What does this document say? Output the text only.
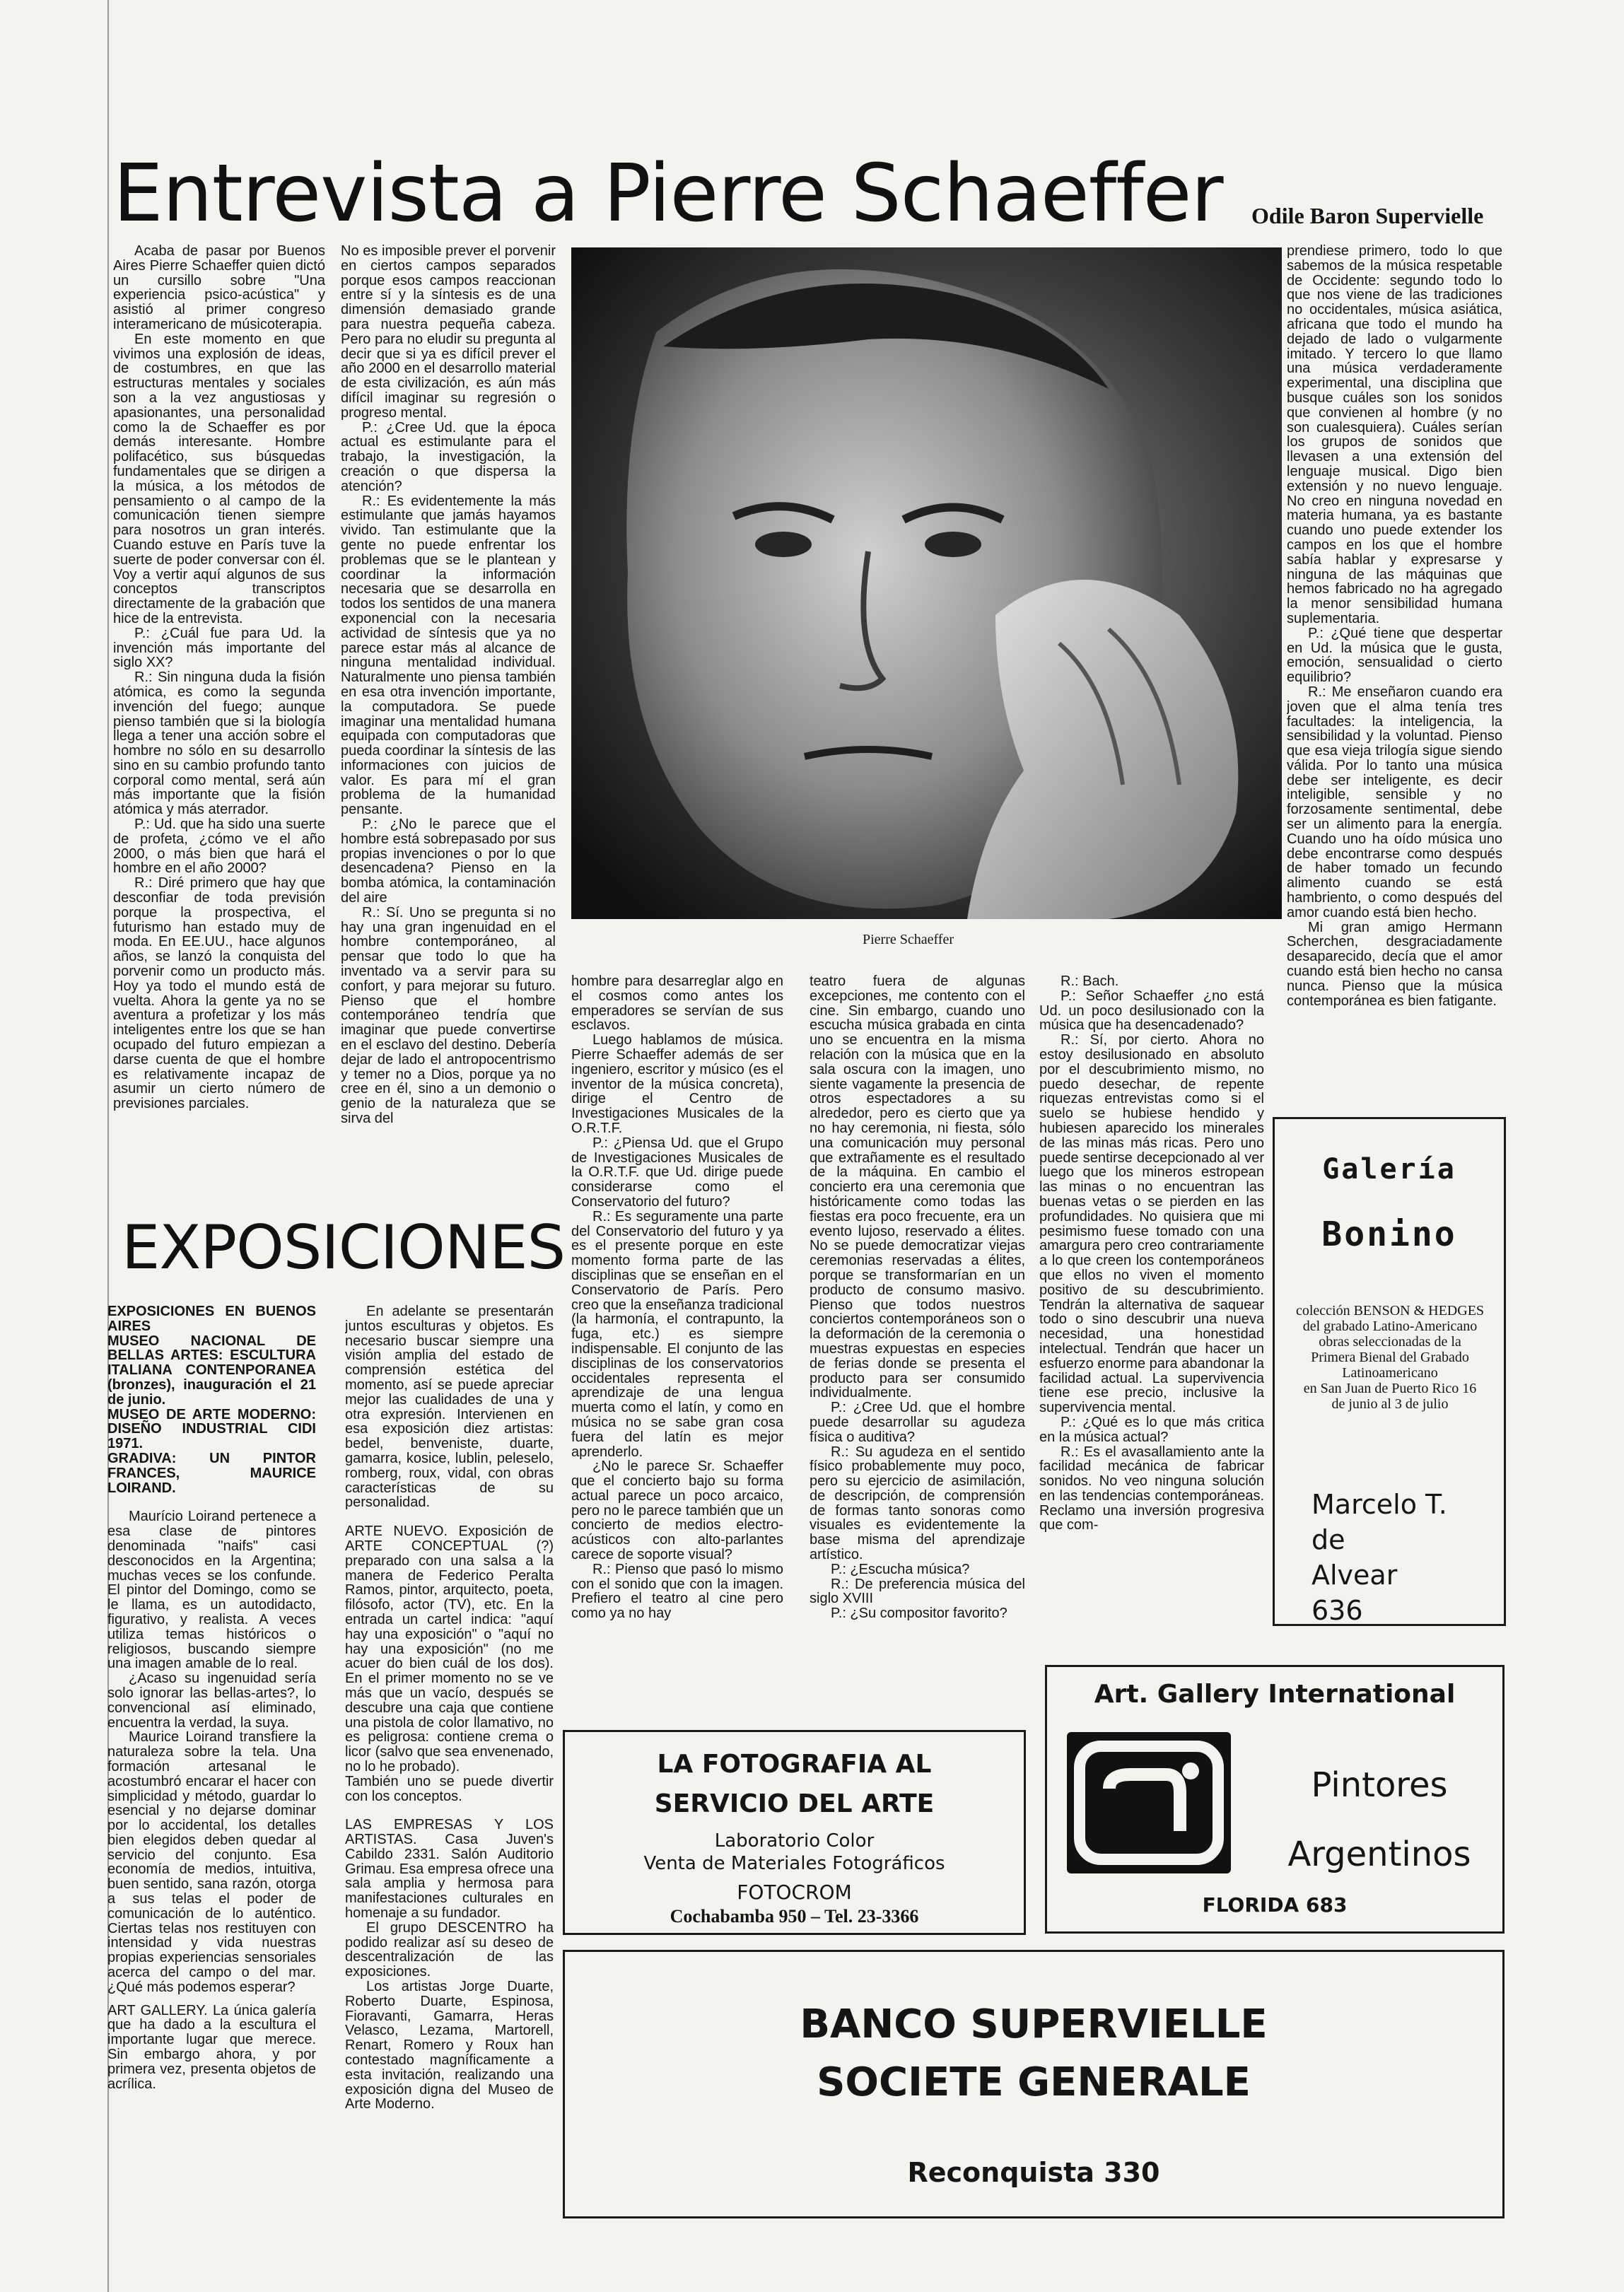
Entrevista a Pierre Schaeffer Odile Baron Supervielle

Acaba de pasar por Buenos Aires Pierre Schaeffer quien dictó un cursillo sobre "Una experiencia psico-acústica" y asistió al primer congreso interamericano de músicoterapia.

En este momento en que vivimos una explosión de ideas, de costumbres, en que las estructuras mentales y sociales son a la vez angustiosas y apasionantes, una personalidad como la de Schaeffer es por demás interesante. Hombre polifacético, sus búsquedas fundamentales que se dirigen a la música, a los métodos de pensamiento o al campo de la comunicación tienen siempre para nosotros un gran interés. Cuando estuve en París tuve la suerte de poder conversar con él. Voy a vertir aquí algunos de sus conceptos transcriptos directamente de la grabación que hice de la entrevista.

P.: ¿Cuál fue para Ud. la invención más importante del siglo XX?

R.: Sin ninguna duda la fisión atómica, es como la segunda invención del fuego; aunque pienso también que si la biología llega a tener una acción sobre el hombre no sólo en su desarrollo sino en su cambio profundo tanto corporal como mental, será aún más importante que la fisión atómica y más aterrador.

P.: Ud. que ha sido una suerte de profeta, ¿cómo ve el año 2000, o más bien que hará el hombre en el año 2000?

R.: Diré primero que hay que desconfiar de toda previsión porque la prospectiva, el futurismo han estado muy de moda. En EE.UU., hace algunos años, se lanzó la conquista del porvenir como un producto más. Hoy ya todo el mundo está de vuelta. Ahora la gente ya no se aventura a profetizar y los más inteligentes entre los que se han ocupado del futuro empiezan a darse cuenta de que el hombre es relativamente incapaz de asumir un cierto número de previsiones parciales.

No es imposible prever el porvenir en ciertos campos separados porque esos campos reaccionan entre sí y la síntesis es de una dimensión demasiado grande para nuestra pequeña cabeza. Pero para no eludir su pregunta al decir que si ya es difícil prever el año 2000 en el desarrollo material de esta civilización, es aún más difícil imaginar su regresión o progreso mental.

P.: ¿Cree Ud. que la época actual es estimulante para el trabajo, la investigación, la creación o que dispersa la atención?

R.: Es evidentemente la más estimulante que jamás hayamos vivido. Tan estimulante que la gente no puede enfrentar los problemas que se le plantean y coordinar la información necesaria que se desarrolla en todos los sentidos de una manera exponencial con la necesaria actividad de síntesis que ya no parece estar más al alcance de ninguna mentalidad individual. Naturalmente uno piensa también en esa otra invención importante, la computadora. Se puede imaginar una mentalidad humana equipada con computadoras que pueda coordinar la síntesis de las informaciones con juicios de valor. Es para mí el gran problema de la humanidad pensante.

P.: ¿No le parece que el hombre está sobrepasado por sus propias invenciones o por lo que desencadena? Pienso en la bomba atómica, la contaminación del aire

R.: Sí. Uno se pregunta si no hay una gran ingenuidad en el hombre contemporáneo, al pensar que todo lo que ha inventado va a servir para su confort, y para mejorar su futuro. Pienso que el hombre contemporáneo tendría que imaginar que puede convertirse en el esclavo del destino. Debería dejar de lado el antropocentrismo y temer no a Dios, porque ya no cree en él, sino a un demonio o genio de la naturaleza que se sirva del

Pierre Schaeffer

prendiese primero, todo lo que sabemos de la música respetable de Occidente: segundo todo lo que nos viene de las tradiciones no occidentales, música asiática, africana que todo el mundo ha dejado de lado o vulgarmente imitado. Y tercero lo que llamo una música verdaderamente experimental, una disciplina que busque cuáles son los sonidos que convienen al hombre (y no son cualesquiera). Cuáles serían los grupos de sonidos que llevasen a una extensión del lenguaje musical. Digo bien extensión y no nuevo lenguaje. No creo en ninguna novedad en materia humana, ya es bastante cuando uno puede extender los campos en los que el hombre sabía hablar y expresarse y ninguna de las máquinas que hemos fabricado no ha agregado la menor sensibilidad humana suplementaria.

P.: ¿Qué tiene que despertar en Ud. la música que le gusta, emoción, sensualidad o cierto equilibrio?

R.: Me enseñaron cuando era joven que el alma tenía tres facultades: la inteligencia, la sensibilidad y la voluntad. Pienso que esa vieja trilogía sigue siendo válida. Por lo tanto una música debe ser inteligente, es decir inteligible, sensible y no forzosamente sentimental, debe ser un alimento para la energía. Cuando uno ha oído música uno debe encontrarse como después de haber tomado un fecundo alimento cuando se está hambriento, o como después del amor cuando está bien hecho.

Mi gran amigo Hermann Scherchen, desgraciadamente desaparecido, decía que el amor cuando está bien hecho no cansa nunca. Pienso que la música contemporánea es bien fatigante.

hombre para desarreglar algo en el cosmos como antes los emperadores se servían de sus esclavos.

Luego hablamos de música. Pierre Schaeffer además de ser ingeniero, escritor y músico (es el inventor de la música concreta), dirige el Centro de Investigaciones Musicales de la O.R.T.F.

P.: ¿Piensa Ud. que el Grupo de Investigaciones Musicales de la O.R.T.F. que Ud. dirige puede considerarse como el Conservatorio del futuro?

R.: Es seguramente una parte del Conservatorio del futuro y ya es el presente porque en este momento forma parte de las disciplinas que se enseñan en el Conservatorio de París. Pero creo que la enseñanza tradicional (la harmonía, el contrapunto, la fuga, etc.) es siempre indispensable. El conjunto de las disciplinas de los conservatorios occidentales representa el aprendizaje de una lengua muerta como el latín, y como en música no se sabe gran cosa fuera del latín es mejor aprenderlo.

¿No le parece Sr. Schaeffer que el concierto bajo su forma actual parece un poco arcaico, pero no le parece también que un concierto de medios electro-acústicos con alto-parlantes carece de soporte visual?

R.: Pienso que pasó lo mismo con el sonido que con la imagen. Prefiero el teatro al cine pero como ya no hay

teatro fuera de algunas excepciones, me contento con el cine. Sin embargo, cuando uno escucha música grabada en cinta uno se encuentra en la misma relación con la música que en la sala oscura con la imagen, uno siente vagamente la presencia de otros espectadores a su alrededor, pero es cierto que ya no hay ceremonia, ni fiesta, sólo una comunicación muy personal que extrañamente es el resultado de la máquina. En cambio el concierto era una ceremonia que históricamente como todas las fiestas era poco frecuente, era un evento lujoso, reservado a élites. No se puede democratizar viejas ceremonias reservadas a élites, porque se transformarían en un producto de consumo masivo. Pienso que todos nuestros conciertos contemporáneos son o la deformación de la ceremonia o muestras expuestas en especies de ferias donde se presenta el producto para ser consumido individualmente.

P.: ¿Cree Ud. que el hombre puede desarrollar su agudeza física o auditiva?

R.: Su agudeza en el sentido físico probablemente muy poco, pero su ejercicio de asimilación, de descripción, de comprensión de formas tanto sonoras como visuales es evidentemente la base misma del aprendizaje artístico.

P.: ¿Escucha música?

R.: De preferencia música del siglo XVIII

P.: ¿Su compositor favorito?

R.: Bach.

P.: Señor Schaeffer ¿no está Ud. un poco desilusionado con la música que ha desencadenado?

R.: Sí, por cierto. Ahora no estoy desilusionado en absoluto por el descubrimiento mismo, no puedo desechar, de repente riquezas entrevistas como si el suelo se hubiese hendido y hubiesen aparecido los minerales de las minas más ricas. Pero uno puede sentirse decepcionado al ver luego que los mineros estropean las minas o no encuentran las buenas vetas o se pierden en las profundidades. No quisiera que mi pesimismo fuese tomado con una amargura pero creo contrariamente a lo que creen los contemporáneos que ellos no viven el momento positivo de su descubrimiento. Tendrán la alternativa de saquear todo o sino descubrir una nueva necesidad, una honestidad intelectual. Tendrán que hacer un esfuerzo enorme para abandonar la facilidad actual. La supervivencia tiene ese precio, inclusive la supervivencia mental.

P.: ¿Qué es lo que más critica en la música actual?

R.: Es el avasallamiento ante la facilidad mecánica de fabricar sonidos. No veo ninguna solución en las tendencias contemporáneas. Reclamo una inversión progresiva que com-

EXPOSICIONES

EXPOSICIONES EN BUENOS AIRES
MUSEO NACIONAL DE BELLAS ARTES: ESCULTURA ITALIANA CONTENPORANEA (bronzes), inauguración el 21 de junio.
MUSEO DE ARTE MODERNO: DISEÑO INDUSTRIAL CIDI 1971.
GRADIVA: UN PINTOR FRANCES, MAURICE LOIRAND.

Maurício Loirand pertenece a esa clase de pintores denominada "naifs" casi desconocidos en la Argentina; muchas veces se los confunde. El pintor del Domingo, como se le llama, es un autodidacto, figurativo, y realista. A veces utiliza temas históricos o religiosos, buscando siempre una imagen amable de lo real.

¿Acaso su ingenuidad sería solo ignorar las bellas-artes?, lo convencional así eliminado, encuentra la verdad, la suya.

Maurice Loirand transfiere la naturaleza sobre la tela. Una formación artesanal le acostumbró encarar el hacer con simplicidad y método, guardar lo esencial y no dejarse dominar por lo accidental, los detalles bien elegidos deben quedar al servicio del conjunto. Esa economía de medios, intuitiva, buen sentido, sana razón, otorga a sus telas el poder de comunicación de lo auténtico. Ciertas telas nos restituyen con intensidad y vida nuestras propias experiencias sensoriales acerca del campo o del mar. ¿Qué más podemos esperar?

ART GALLERY. La única galería que ha dado a la escultura el importante lugar que merece. Sin embargo ahora, y por primera vez, presenta objetos de acrílica.

En adelante se presentarán juntos esculturas y objetos. Es necesario buscar siempre una visión amplia del estado de comprensión estética del momento, así se puede apreciar mejor las cualidades de una y otra expresión. Intervienen en esa exposición diez artistas: bedel, benveniste, duarte, gamarra, kosice, lublin, peleselo, romberg, roux, vidal, con obras características de su personalidad.

ARTE NUEVO. Exposición de ARTE CONCEPTUAL (?) preparado con una salsa a la manera de Federico Peralta Ramos, pintor, arquitecto, poeta, filósofo, actor (TV), etc. En la entrada un cartel indica: "aquí hay una exposición" o "aquí no hay una exposición" (no me acuer do bien cuál de los dos). En el primer momento no se ve más que un vacío, después se descubre una caja que contiene una pistola de color llamativo, no es peligrosa: contiene crema o licor (salvo que sea envenenado, no lo he probado).

También uno se puede divertir con los conceptos.

LAS EMPRESAS Y LOS ARTISTAS. Casa Juven's Cabildo 2331. Salón Auditorio Grimau. Esa empresa ofrece una sala amplia y hermosa para manifestaciones culturales en homenaje a su fundador.

El grupo DESCENTRO ha podido realizar así su deseo de descentralización de las exposiciones.

Los artistas Jorge Duarte, Roberto Duarte, Espinosa, Fioravanti, Gamarra, Heras Velasco, Lezama, Martorell, Renart, Romero y Roux han contestado magníficamente a esta invitación, realizando una exposición digna del Museo de Arte Moderno.

Galería
Bonino
colección BENSON & HEDGES
del grabado Latino-Americano
obras seleccionadas de la
Primera Bienal del Grabado
Latinoamericano
en San Juan de Puerto Rico 16
de junio al 3 de julio
Marcelo T.
de
Alvear
636
Art. Gallery International
Pintores
Argentinos
FLORIDA 683
LA FOTOGRAFIA AL
SERVICIO DEL ARTE
Laboratorio Color
Venta de Materiales Fotográficos
FOTOCROM
Cochabamba 950 – Tel. 23-3366
BANCO SUPERVIELLE
SOCIETE GENERALE
Reconquista 330
